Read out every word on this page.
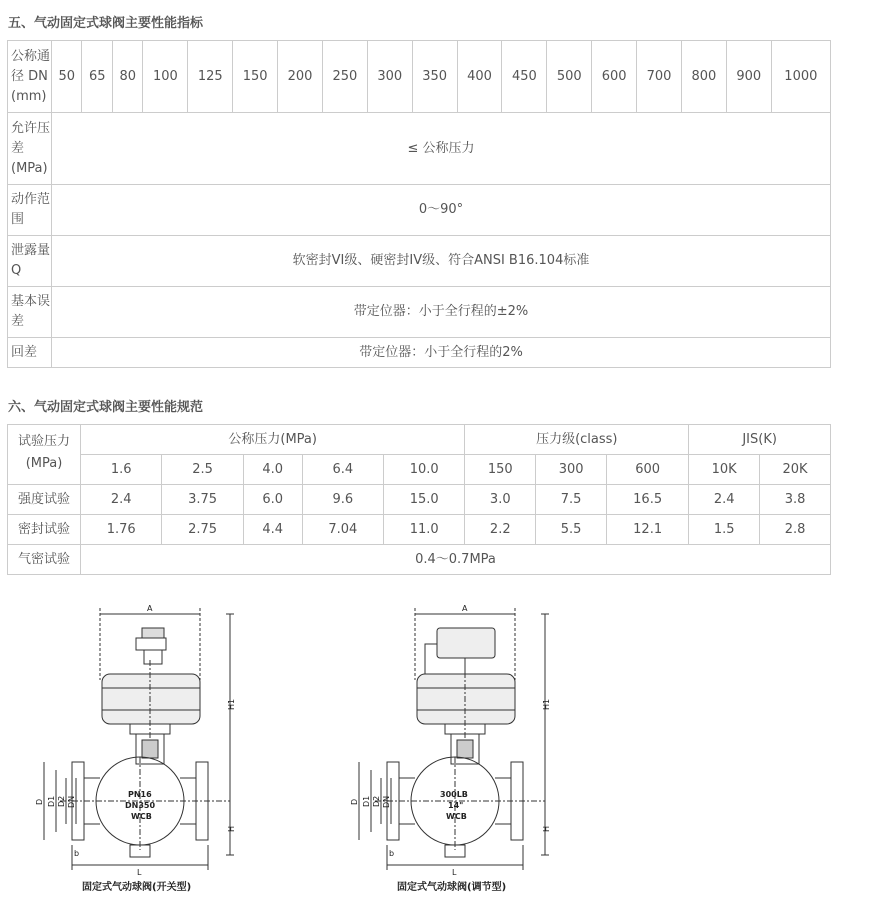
五、气动固定式球阀主要性能指标
公称通径 DN (mm)	50	65	80	100	125	150	200	250	300	350	400	450	500	600	700	800	900	1000
允许压差(MPa)	≤ 公称压力																	
动作范围	0～90°																	
泄露量Q	软密封VI级、硬密封IV级、符合ANSI B16.104标准																	
基本误差	带定位器：小于全行程的±2%																	
回差	带定位器：小于全行程的2%																	
六、气动固定式球阀主要性能规范
试验压力(MPa)	公称压力(MPa)					压力级(class)			JIS(K)	
	1.6	2.5	4.0	6.4	10.0	150	300	600	10K	20K
强度试验	2.4	3.75	6.0	9.6	15.0	3.0	7.5	16.5	2.4	3.8
密封试验	1.76	2.75	4.4	7.04	11.0	2.2	5.5	12.1	1.5	2.8
气密试验	0.4～0.7MPa									
A
H1
H
L
D D1 D2 DN
b
PN16
DN350
WCB
固定式气动球阀(开关型)
A
H1
H
L
D D1 D2 DN
b
300LB
14"
WCB
固定式气动球阀(调节型)
